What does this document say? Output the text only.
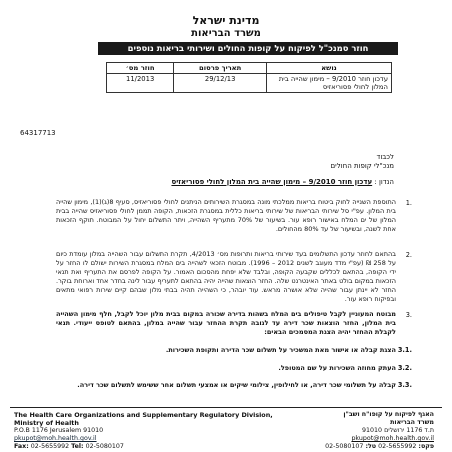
מדינת ישראל
משרד הבריאות
חוזר סמנכ"ל לפיקוח על קופות החולים ושירותי בריאות נוספים
נושא	תאריך פרסום	חוזר מס׳
עדכון חוזר 9/2010 – מימון שהייה בית המלון לחולי פסוריאזיס	29/12/13	11/2013
64317713
לכבוד
מנכ"לי קופות החולים
הנדון : עדכון חוזר 9/2010 – מימון שהייה בית המלון לחולי פסוריאזיס
1.
התוספת השנייה לחוק ביטוח בריאות ממלכתי מונה במסגרת השירותים הניתנים לחולי פסוריאזיס, סעיף 8(ג)(1), מימון שהייה בית המלון. עפ"י סל שירותי הבריאות של שירותי בריאות כללית במסגרת הזכאות, הקופה תממן לחולי פסוריאזיס שהייה בבית המלון של ים המלח באישור רופא עור. בשיעור של 70% מתעריף השהייה, ויתר התשלום יחול על המבוטח. תוקף הזכאות אחת לשנה, ובשיעור של עד 80% מהחולים.
2.
בהתאם לחוזר עדכון התשלומים בעד שירותי בריאות ותרופות מס׳ 4/2013, תקרת התשלום עבור השהייה במלון עומדת כיום על 258 ₪ (עפ"י מדד מעוגב לשנים 2012 – 1996). מבוטח הזכאי לשהייה בים המלח במסגרת השירות ישולם לו החזר על ידי הקופה, בהתאם לכללים שקבעה הקופה, ובלבד שלא יפחת מהסכום האמור. על הקופה לפרסם את התעריף ואת תנאי הזכאות במקום בולט באתר האינטרנט שלה. החזר הוצאות שהייה יהיה בהתאם לתעריף עבור לינה בחדר אחד וארוחת בוקר. החזר לא יינתן עבור שהייה שלא אושרה מראש. עוד יובהר, כי השהייה תהיה בבתי מלון שבהם קיים שירות רפואי מתאים ובפיקוח רופא עור.
3.
מבוטח המעוניין לקבל טיפולים בים המלח בשהות בדירה שכורה במקום בבית מלון יוכל לקבל, חלף מימון השהייה בית המלון, החזר הוצאות שכר דירה עד לגובה תקרת ההחזר עבור שהייה במלון, בהתאם לטופס ייעודי. תנאי לקבלת ההחזר יהיה הצגת המסמכים הבאים:
3.1.
הצגת קבלה או אישור מאת המשכיר על תשלום שכר הדירה ותקופת השכירות.
3.2.
העתק מחוזה השכירות על שם המטופל.
3.3.
קבלה על תשלומי שכר דירה, או לחילופין, צילומי שיקים או אמצעי תשלום אחר ששימש לתשלום שכר דירה.
The Health Care Organizations and Supplementary Regulatory Division,
Ministry of Health
P.O.B 1176 Jerusalem 91010
pkupot@moh.health.gov.il
Fax: 02-5655992 Tel: 02-5080107
האגף לפיקוח על קופו"ח ושב"ן
משרד הבריאות
ת.ד 1176 ירושלים 91010
pkupot@moh.health.gov.il
פקס: 02-5655992 טל: 02-5080107
